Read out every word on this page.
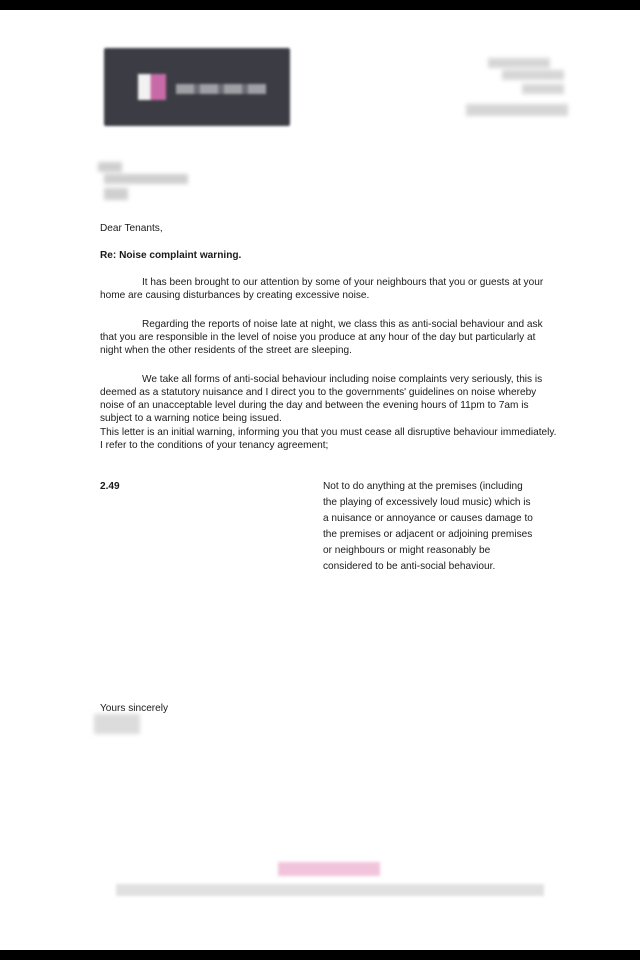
Dear Tenants,
Re: Noise complaint warning.
It has been brought to our attention by some of your neighbours that you or guests at your home are causing disturbances by creating excessive noise.
Regarding the reports of noise late at night, we class this as anti-social behaviour and ask that you are responsible in the level of noise you produce at any hour of the day but particularly at night when the other residents of the street are sleeping.
We take all forms of anti-social behaviour including noise complaints very seriously, this is deemed as a statutory nuisance and I direct you to the governments' guidelines on noise whereby noise of an unacceptable level during the day and between the evening hours of 11pm to 7am is subject to a warning notice being issued.
This letter is an initial warning, informing you that you must cease all disruptive behaviour immediately. I refer to the conditions of your tenancy agreement;
2.49	Not to do anything at the premises (including the playing of excessively loud music) which is a nuisance or annoyance or causes damage to the premises or adjacent or adjoining premises or neighbours or might reasonably be considered to be anti-social behaviour.
Yours sincerely
